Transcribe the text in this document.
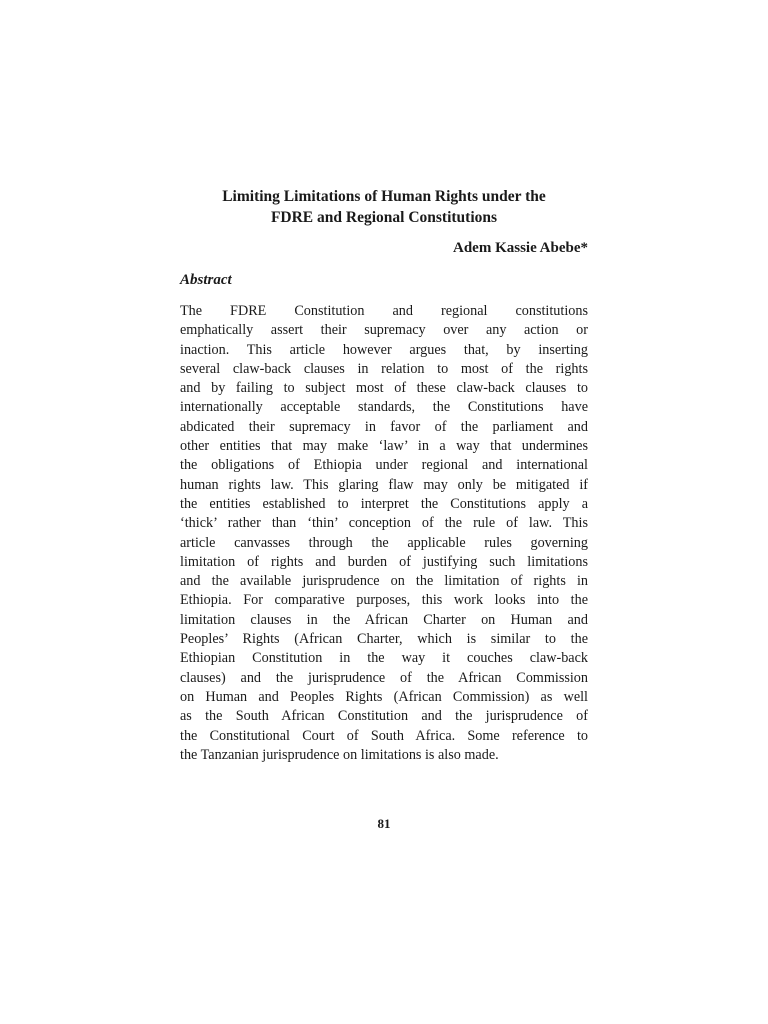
Limiting Limitations of Human Rights under the
FDRE and Regional Constitutions

Adem Kassie Abebe*

Abstract
The FDRE Constitution and regional constitutions
emphatically assert their supremacy over any action or
inaction. This article however argues that, by inserting
several claw-back clauses in relation to most of the rights
and by failing to subject most of these claw-back clauses to
internationally acceptable standards, the Constitutions have
abdicated their supremacy in favor of the parliament and
other entities that may make ‘law’ in a way that undermines
the obligations of Ethiopia under regional and international
human rights law. This glaring flaw may only be mitigated if
the entities established to interpret the Constitutions apply a
‘thick’ rather than ‘thin’ conception of the rule of law. This
article canvasses through the applicable rules governing
limitation of rights and burden of justifying such limitations
and the available jurisprudence on the limitation of rights in
Ethiopia. For comparative purposes, this work looks into the
limitation clauses in the African Charter on Human and
Peoples’ Rights (African Charter, which is similar to the
Ethiopian Constitution in the way it couches claw-back
clauses) and the jurisprudence of the African Commission
on Human and Peoples Rights (African Commission) as well
as the South African Constitution and the jurisprudence of
the Constitutional Court of South Africa. Some reference to
the Tanzanian jurisprudence on limitations is also made.

81
